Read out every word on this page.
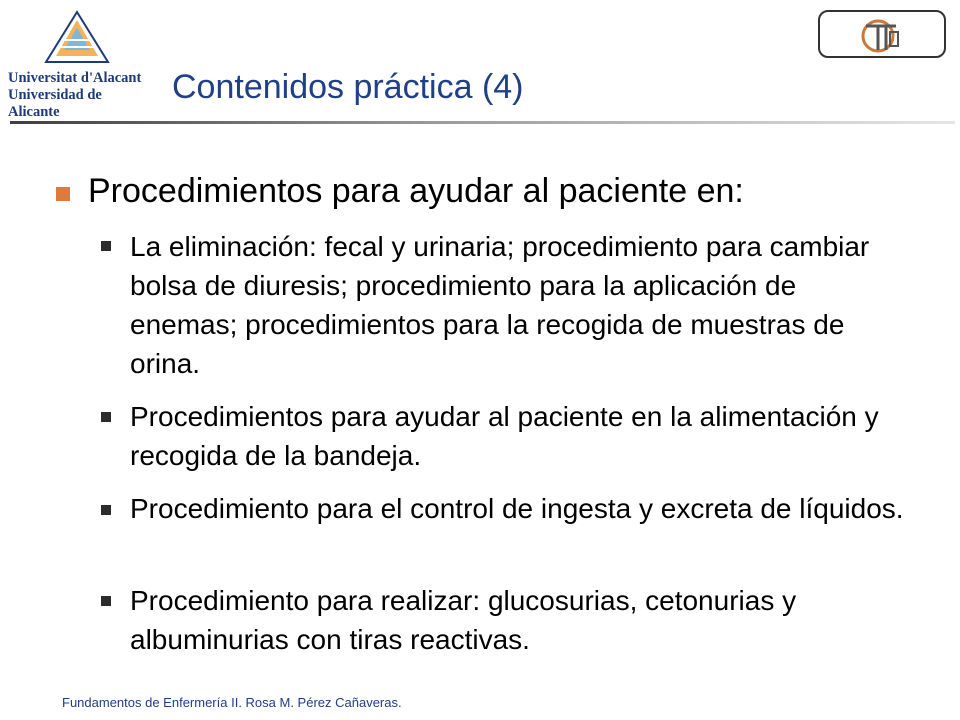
Universitat d'Alacant
Universidad de Alicante
Contenidos práctica (4)
Procedimientos para ayudar al paciente en:
La eliminación: fecal y urinaria; procedimiento para cambiar bolsa de diuresis; procedimiento para la aplicación de enemas; procedimientos para la recogida de muestras de orina.
Procedimientos para ayudar al paciente en la alimentación y recogida de la bandeja.
Procedimiento para el control de ingesta y excreta de líquidos.
Procedimiento para realizar: glucosurias, cetonurias y albuminurias con tiras reactivas.
Fundamentos de Enfermería II. Rosa M. Pérez Cañaveras.
